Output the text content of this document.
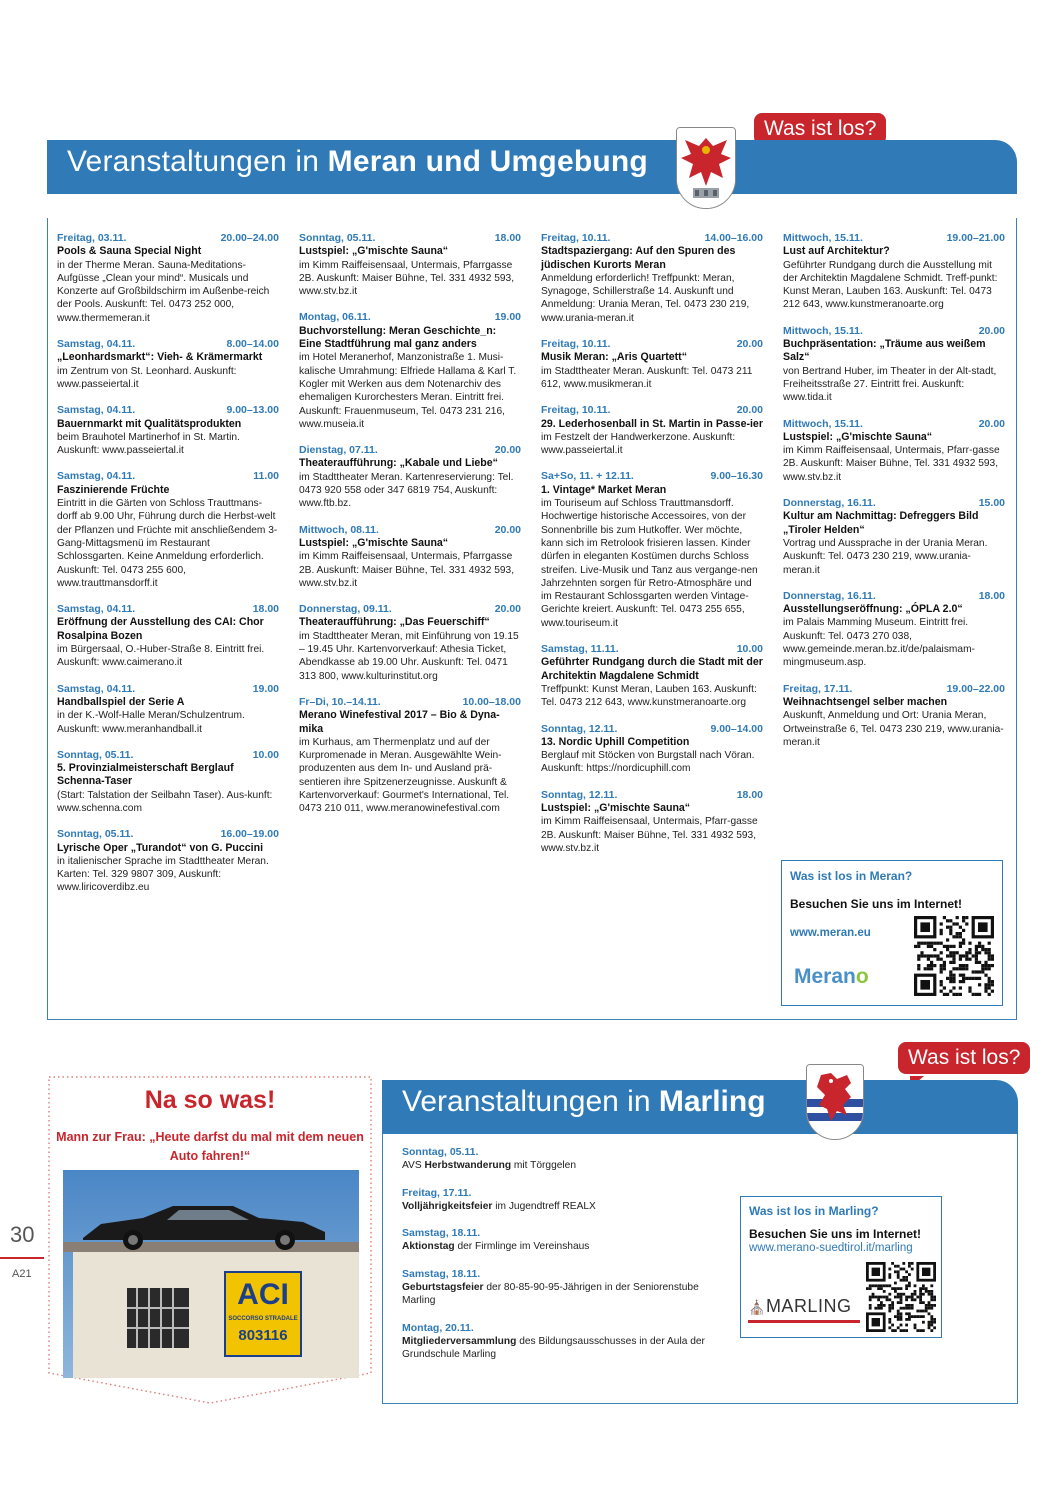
Was ist los?
Veranstaltungen in Meran und Umgebung
Freitag, 03.11.	20.00–24.00
Pools & Sauna Special Night
in der Therme Meran. Sauna-Meditations-Aufgüsse „Clean your mind“. Musicals und Konzerte auf Großbildschirm im Außenbe-reich der Pools. Auskunft: Tel. 0473 252 000, www.thermemeran.it
Samstag, 04.11.	8.00–14.00
„Leonhardsmarkt“: Vieh- & Krämermarkt
im Zentrum von St. Leonhard. Auskunft: www.passeiertal.it
Samstag, 04.11.	9.00–13.00
Bauernmarkt mit Qualitätsprodukten
beim Brauhotel Martinerhof in St. Martin. Auskunft: www.passeiertal.it
Samstag, 04.11.	11.00
Faszinierende Früchte
Eintritt in die Gärten von Schloss Trauttmans-dorff ab 9.00 Uhr, Führung durch die Herbst-welt der Pflanzen und Früchte mit anschließendem 3-Gang-Mittagsmenü im Restaurant Schlossgarten. Keine Anmeldung erforderlich. Auskunft: Tel. 0473 255 600, www.trauttmansdorff.it
Samstag, 04.11.	18.00
Eröffnung der Ausstellung des CAI: Chor Rosalpina Bozen
im Bürgersaal, O.-Huber-Straße 8. Eintritt frei. Auskunft: www.caimerano.it
Samstag, 04.11.	19.00
Handballspiel der Serie A
in der K.-Wolf-Halle Meran/Schulzentrum. Auskunft: www.meranhandball.it
Sonntag, 05.11.	10.00
5. Provinzialmeisterschaft Berglauf Schenna-Taser
(Start: Talstation der Seilbahn Taser). Aus-kunft: www.schenna.com
Sonntag, 05.11.	16.00–19.00
Lyrische Oper „Turandot“ von G. Puccini
in italienischer Sprache im Stadttheater Meran. Karten: Tel. 329 9807 309, Auskunft: www.liricoverdibz.eu
Sonntag, 05.11.	18.00
Lustspiel: „G'mischte Sauna“
im Kimm Raiffeisensaal, Untermais, Pfarrgasse 2B. Auskunft: Maiser Bühne, Tel. 331 4932 593, www.stv.bz.it
Montag, 06.11.	19.00
Buchvorstellung: Meran Geschichte_n: Eine Stadtführung mal ganz anders
im Hotel Meranerhof, Manzonistraße 1. Musi-kalische Umrahmung: Elfriede Hallama & Karl T. Kogler mit Werken aus dem Notenarchiv des ehemaligen Kurorchesters Meran. Eintritt frei. Auskunft: Frauenmuseum, Tel. 0473 231 216, www.museia.it
Dienstag, 07.11.	20.00
Theateraufführung: „Kabale und Liebe“
im Stadttheater Meran. Kartenreservierung: Tel. 0473 920 558 oder 347 6819 754, Auskunft: www.ftb.bz.
Mittwoch, 08.11.	20.00
Lustspiel: „G'mischte Sauna“
im Kimm Raiffeisensaal, Untermais, Pfarrgasse 2B. Auskunft: Maiser Bühne, Tel. 331 4932 593, www.stv.bz.it
Donnerstag, 09.11.	20.00
Theateraufführung: „Das Feuerschiff“
im Stadttheater Meran, mit Einführung von 19.15 – 19.45 Uhr. Kartenvorverkauf: Athesia Ticket, Abendkasse ab 19.00 Uhr. Auskunft: Tel. 0471 313 800, www.kulturinstitut.org
Fr–Di, 10.–14.11.	10.00–18.00
Merano Winefestival 2017 – Bio & Dyna-mika
im Kurhaus, am Thermenplatz und auf der Kurpromenade in Meran. Ausgewählte Wein-produzenten aus dem In- und Ausland prä-sentieren ihre Spitzenerzeugnisse. Auskunft & Kartenvorverkauf: Gourmet's International, Tel. 0473 210 011, www.meranowinefestival.com
Freitag, 10.11.	14.00–16.00
Stadtspaziergang: Auf den Spuren des jüdischen Kurorts Meran
Anmeldung erforderlich! Treffpunkt: Meran, Synagoge, Schillerstraße 14. Auskunft und Anmeldung: Urania Meran, Tel. 0473 230 219, www.urania-meran.it
Freitag, 10.11.	20.00
Musik Meran: „Aris Quartett“
im Stadttheater Meran. Auskunft: Tel. 0473 211 612, www.musikmeran.it
Freitag, 10.11.	20.00
29. Lederhosenball in St. Martin in Passe-ier
im Festzelt der Handwerkerzone. Auskunft: www.passeiertal.it
Sa+So, 11. + 12.11.	9.00–16.30
1. Vintage* Market Meran
im Touriseum auf Schloss Trauttmansdorff. Hochwertige historische Accessoires, von der Sonnenbrille bis zum Hutkoffer. Wer möchte, kann sich im Retrolook frisieren lassen. Kinder dürfen in eleganten Kostümen durchs Schloss streifen. Live-Musik und Tanz aus vergange-nen Jahrzehnten sorgen für Retro-Atmosphäre und im Restaurant Schlossgarten werden Vintage-Gerichte kreiert. Auskunft: Tel. 0473 255 655, www.touriseum.it
Samstag, 11.11.	10.00
Geführter Rundgang durch die Stadt mit der Architektin Magdalene Schmidt
Treffpunkt: Kunst Meran, Lauben 163. Auskunft: Tel. 0473 212 643, www.kunstmeranoarte.org
Sonntag, 12.11.	9.00–14.00
13. Nordic Uphill Competition
Berglauf mit Stöcken von Burgstall nach Vöran. Auskunft: https://nordicuphill.com
Sonntag, 12.11.	18.00
Lustspiel: „G'mischte Sauna“
im Kimm Raiffeisensaal, Untermais, Pfarr-gasse 2B. Auskunft: Maiser Bühne, Tel. 331 4932 593, www.stv.bz.it
Mittwoch, 15.11.	19.00–21.00
Lust auf Architektur?
Geführter Rundgang durch die Ausstellung mit der Architektin Magdalene Schmidt. Treff-punkt: Kunst Meran, Lauben 163. Auskunft: Tel. 0473 212 643, www.kunstmeranoarte.org
Mittwoch, 15.11.	20.00
Buchpräsentation: „Träume aus weißem Salz“
von Bertrand Huber, im Theater in der Alt-stadt, Freiheitsstraße 27. Eintritt frei. Auskunft: www.tida.it
Mittwoch, 15.11.	20.00
Lustspiel: „G'mischte Sauna“
im Kimm Raiffeisensaal, Untermais, Pfarr-gasse 2B. Auskunft: Maiser Bühne, Tel. 331 4932 593, www.stv.bz.it
Donnerstag, 16.11.	15.00
Kultur am Nachmittag: Defreggers Bild „Tiroler Helden“
Vortrag und Aussprache in der Urania Meran. Auskunft: Tel. 0473 230 219, www.urania-meran.it
Donnerstag, 16.11.	18.00
Ausstellungseröffnung: „ÓPLA 2.0“
im Palais Mamming Museum. Eintritt frei. Auskunft: Tel. 0473 270 038, www.gemeinde.meran.bz.it/de/palaismam-mingmuseum.asp.
Freitag, 17.11.	19.00–22.00
Weihnachtsengel selber machen
Auskunft, Anmeldung und Ort: Urania Meran, Ortweinstraße 6, Tel. 0473 230 219, www.urania-meran.it
Was ist los in Meran?
Besuchen Sie uns im Internet!
www.meran.eu
Merano
Na so was!
Mann zur Frau: „Heute darfst du mal mit dem neuen Auto fahren!“
ACI
SOCCORSO STRADALE
803116
30
A21
Was ist los?
Veranstaltungen in Marling
Sonntag, 05.11.
AVS Herbstwanderung mit Törggelen
Freitag, 17.11.
Volljährigkeitsfeier im Jugendtreff REALX
Samstag, 18.11.
Aktionstag der Firmlinge im Vereinshaus
Samstag, 18.11.
Geburtstagsfeier der 80-85-90-95-Jährigen in der Seniorenstube Marling
Montag, 20.11.
Mitgliederversammlung des Bildungsausschusses in der Aula der Grundschule Marling
Was ist los in Marling?
Besuchen Sie uns im Internet!
www.merano-suedtirol.it/marling
⛪MARLING
